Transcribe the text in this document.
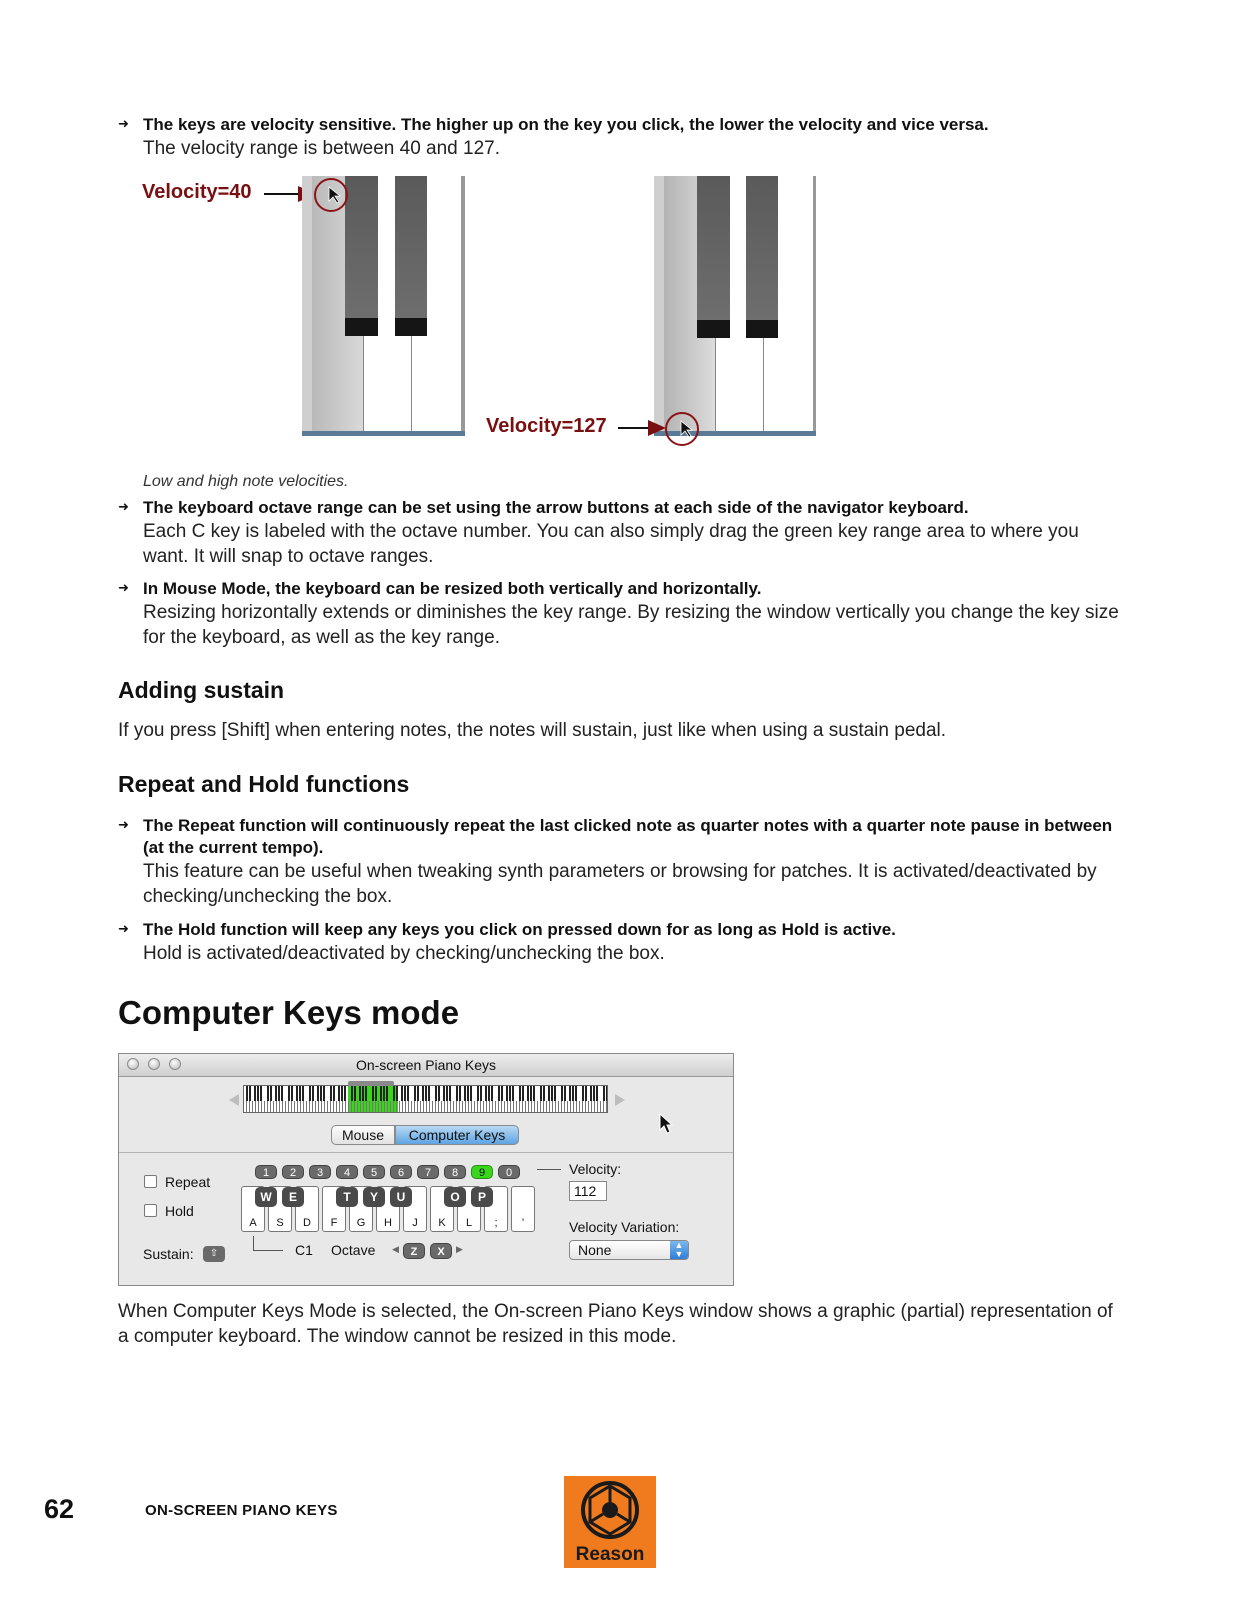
➜ The keys are velocity sensitive. The higher up on the key you click, the lower the velocity and vice versa.
The velocity range is between 40 and 127.
Velocity=40
Velocity=127
Low and high note velocities.
➜ The keyboard octave range can be set using the arrow buttons at each side of the navigator keyboard.
Each C key is labeled with the octave number. You can also simply drag the green key range area to where you want. It will snap to octave ranges.
➜ In Mouse Mode, the keyboard can be resized both vertically and horizontally.
Resizing horizontally extends or diminishes the key range. By resizing the window vertically you change the key size for the keyboard, as well as the key range.
Adding sustain
If you press [Shift] when entering notes, the notes will sustain, just like when using a sustain pedal.
Repeat and Hold functions
➜ The Repeat function will continuously repeat the last clicked note as quarter notes with a quarter note pause in between (at the current tempo).
This feature can be useful when tweaking synth parameters or browsing for patches. It is activated/deactivated by checking/unchecking the box.
➜ The Hold function will keep any keys you click on pressed down for as long as Hold is active.
Hold is activated/deactivated by checking/unchecking the box.
Computer Keys mode
On-screen Piano Keys
Mouse	Computer Keys
Repeat
Hold
Sustain:	⇧
1	2	3	4	5	6	7	8	9	0
A	S	D	F	G	H	J	K	L	;	'
W	E	T	Y	U	O	P
C1 Octave ◀	Z	X	▶
Velocity:
112
Velocity Variation:
None	▲
▼
When Computer Keys Mode is selected, the On-screen Piano Keys window shows a graphic (partial) representation of a computer keyboard. The window cannot be resized in this mode.
62	ON-SCREEN PIANO KEYS
Reason
